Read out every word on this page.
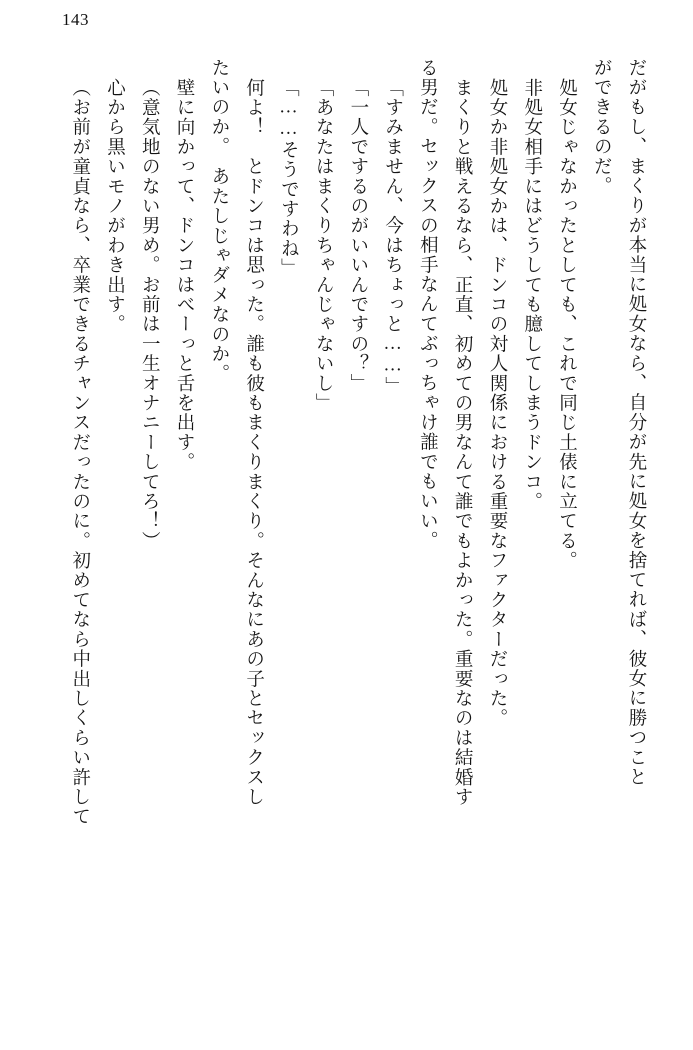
143
だがもし、まくりが本当に処女なら、自分が先に処女を捨てれば、彼女に勝つこと
ができるのだ。
処女じゃなかったとしても、これで同じ土俵に立てる。
非処女相手にはどうしても臆してしまうドンコ。
処女か非処女かは、ドンコの対人関係における重要なファクターだった。
まくりと戦えるなら、正直、初めての男なんて誰でもよかった。重要なのは結婚す
る男だ。セックスの相手なんてぶっちゃけ誰でもいい。
「すみません、今はちょっと……」
「一人でするのがいいんですの？」
「あなたはまくりちゃんじゃないし」
「……そうですわね」
何よ！　とドンコは思った。誰も彼もまくりまくり。そんなにあの子とセックスし
たいのか。　あたしじゃダメなのか。
壁に向かって、ドンコはべーっと舌を出す。
（意気地のない男め。お前は一生オナニーしてろ！）
心から黒いモノがわき出す。
（お前が童貞なら、卒業できるチャンスだったのに。初めてなら中出しくらい許して
